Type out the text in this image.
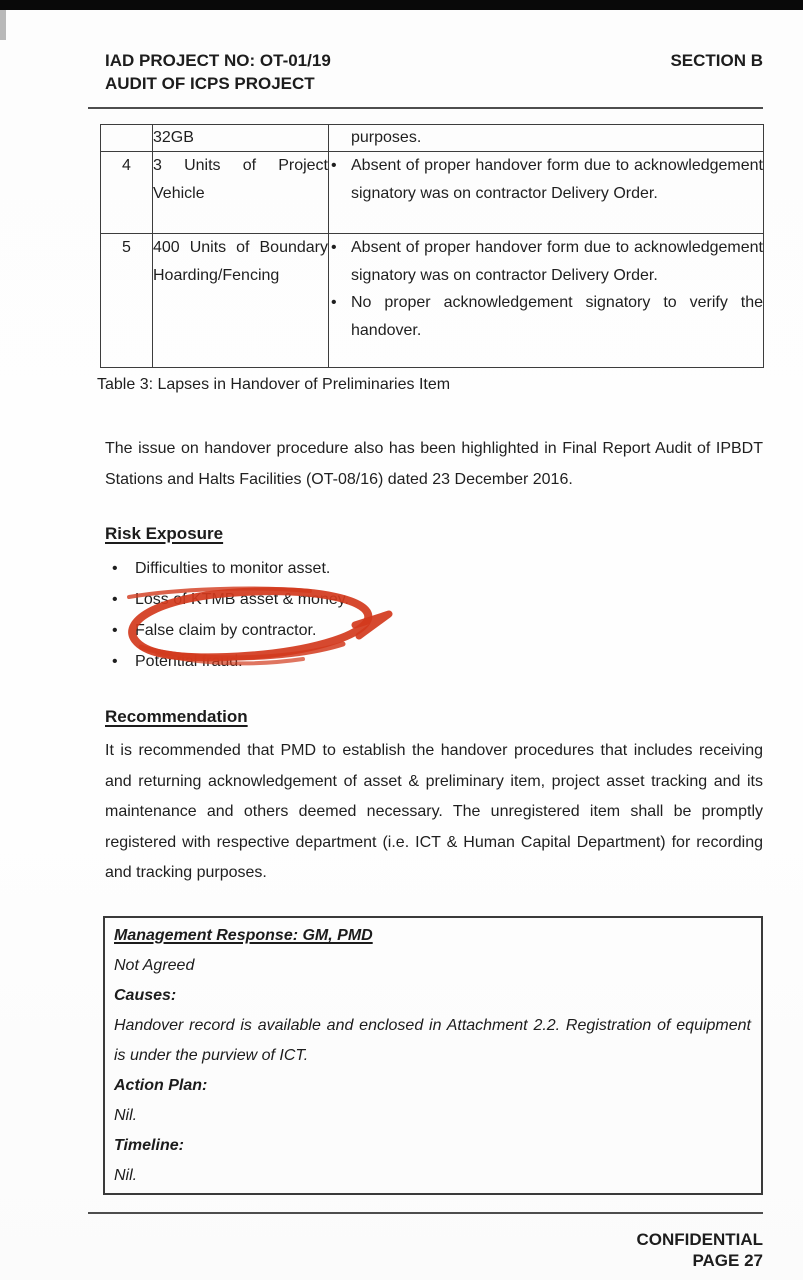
IAD PROJECT NO: OT-01/19
AUDIT OF ICPS PROJECT
SECTION B
	32GB	purposes.

4	3 Units of Project Vehicle	• Absent of proper handover form due to acknowledgement signatory was on contractor Delivery Order.

5	400 Units of Boundary Hoarding/Fencing	• Absent of proper handover form due to acknowledgement signatory was on contractor Delivery Order.
• No proper acknowledgement signatory to verify the handover.
Table 3: Lapses in Handover of Preliminaries Item
The issue on handover procedure also has been highlighted in Final Report Audit of IPBDT Stations and Halts Facilities (OT-08/16) dated 23 December 2016.
Risk Exposure
• Difficulties to monitor asset.
• Loss of KTMB asset & money.
• False claim by contractor.
• Potential fraud.
Recommendation
It is recommended that PMD to establish the handover procedures that includes receiving and returning acknowledgement of asset & preliminary item, project asset tracking and its maintenance and others deemed necessary. The unregistered item shall be promptly registered with respective department (i.e. ICT & Human Capital Department) for recording and tracking purposes.
Management Response: GM, PMD
Not Agreed
Causes:
Handover record is available and enclosed in Attachment 2.2. Registration of equipment is under the purview of ICT.
Action Plan:
Nil.
Timeline:
Nil.
CONFIDENTIAL
PAGE 27
